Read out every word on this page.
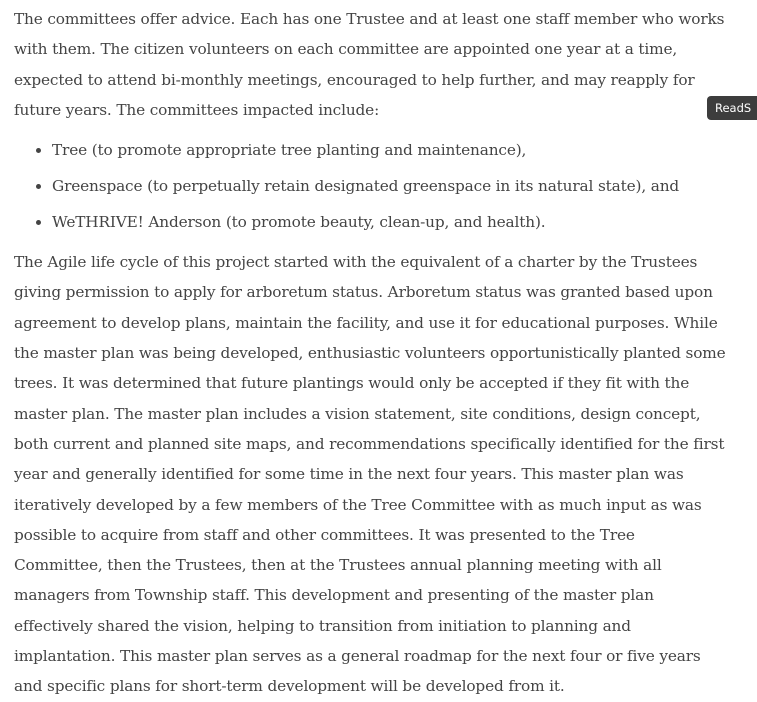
The committees offer advice. Each has one Trustee and at least one staff member who works with them. The citizen volunteers on each committee are appointed one year at a time, expected to attend bi-monthly meetings, encouraged to help further, and may reapply for future years. The committees impacted include:

• Tree (to promote appropriate tree planting and maintenance),
• Greenspace (to perpetually retain designated greenspace in its natural state), and
• WeTHRIVE! Anderson (to promote beauty, clean-up, and health).

The Agile life cycle of this project started with the equivalent of a charter by the Trustees giving permission to apply for arboretum status. Arboretum status was granted based upon agreement to develop plans, maintain the facility, and use it for educational purposes. While the master plan was being developed, enthusiastic volunteers opportunistically planted some trees. It was determined that future plantings would only be accepted if they fit with the master plan. The master plan includes a vision statement, site conditions, design concept, both current and planned site maps, and recommendations specifically identified for the first year and generally identified for some time in the next four years. This master plan was iteratively developed by a few members of the Tree Committee with as much input as was possible to acquire from staff and other committees. It was presented to the Tree Committee, then the Trustees, then at the Trustees annual planning meeting with all managers from Township staff. This development and presenting of the master plan effectively shared the vision, helping to transition from initiation to planning and implantation. This master plan serves as a general roadmap for the next four or five years and specific plans for short-term development will be developed from it.

ReadS
